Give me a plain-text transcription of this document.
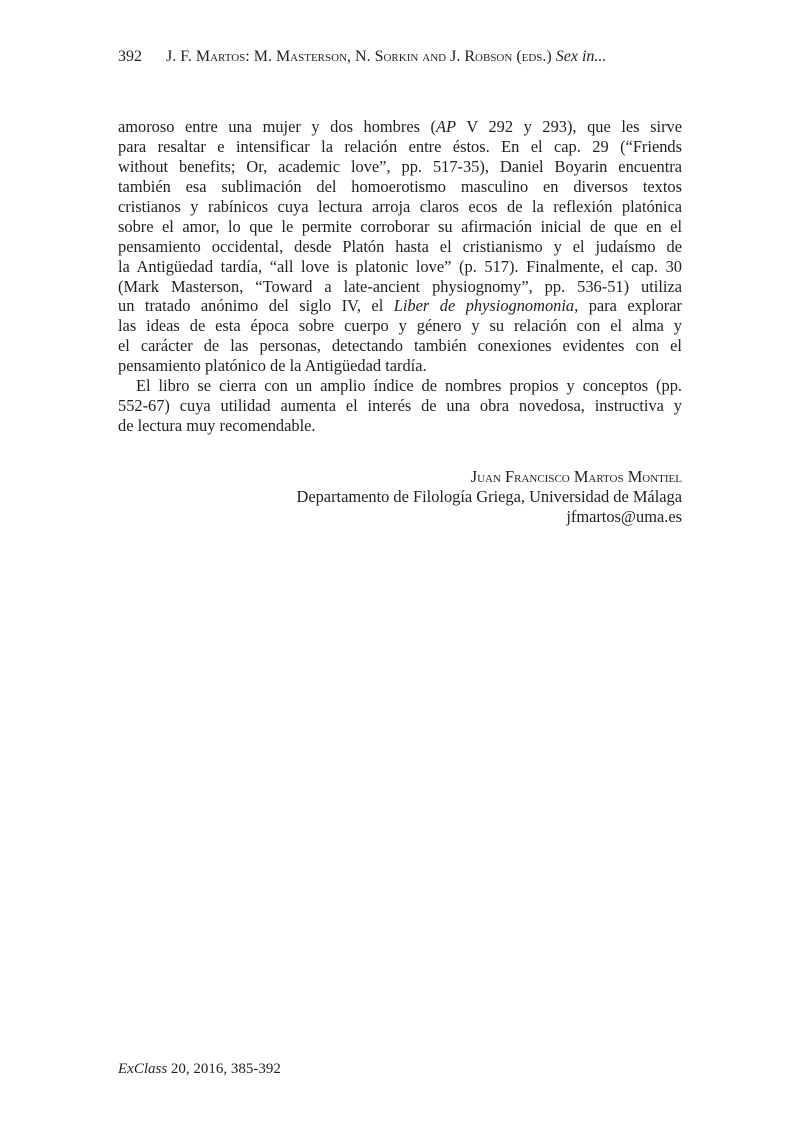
392 J. F. Martos: M. Masterson, N. Sorkin and J. Robson (eds.) Sex in...
amoroso entre una mujer y dos hombres (AP V 292 y 293), que les sirve
para resaltar e intensificar la relación entre éstos. En el cap. 29 (“Friends
without benefits; Or, academic love”, pp. 517-35), Daniel Boyarin encuentra
también esa sublimación del homoerotismo masculino en diversos textos
cristianos y rabínicos cuya lectura arroja claros ecos de la reflexión platónica
sobre el amor, lo que le permite corroborar su afirmación inicial de que en el
pensamiento occidental, desde Platón hasta el cristianismo y el judaísmo de
la Antigüedad tardía, “all love is platonic love” (p. 517). Finalmente, el cap. 30
(Mark Masterson, “Toward a late-ancient physiognomy”, pp. 536-51) utiliza
un tratado anónimo del siglo IV, el Liber de physiognomonia, para explorar
las ideas de esta época sobre cuerpo y género y su relación con el alma y
el carácter de las personas, detectando también conexiones evidentes con el
pensamiento platónico de la Antigüedad tardía.
El libro se cierra con un amplio índice de nombres propios y conceptos (pp.
552-67) cuya utilidad aumenta el interés de una obra novedosa, instructiva y
de lectura muy recomendable.
Juan Francisco Martos Montiel
Departamento de Filología Griega, Universidad de Málaga
jfmartos@uma.es
ExClass 20, 2016, 385-392
